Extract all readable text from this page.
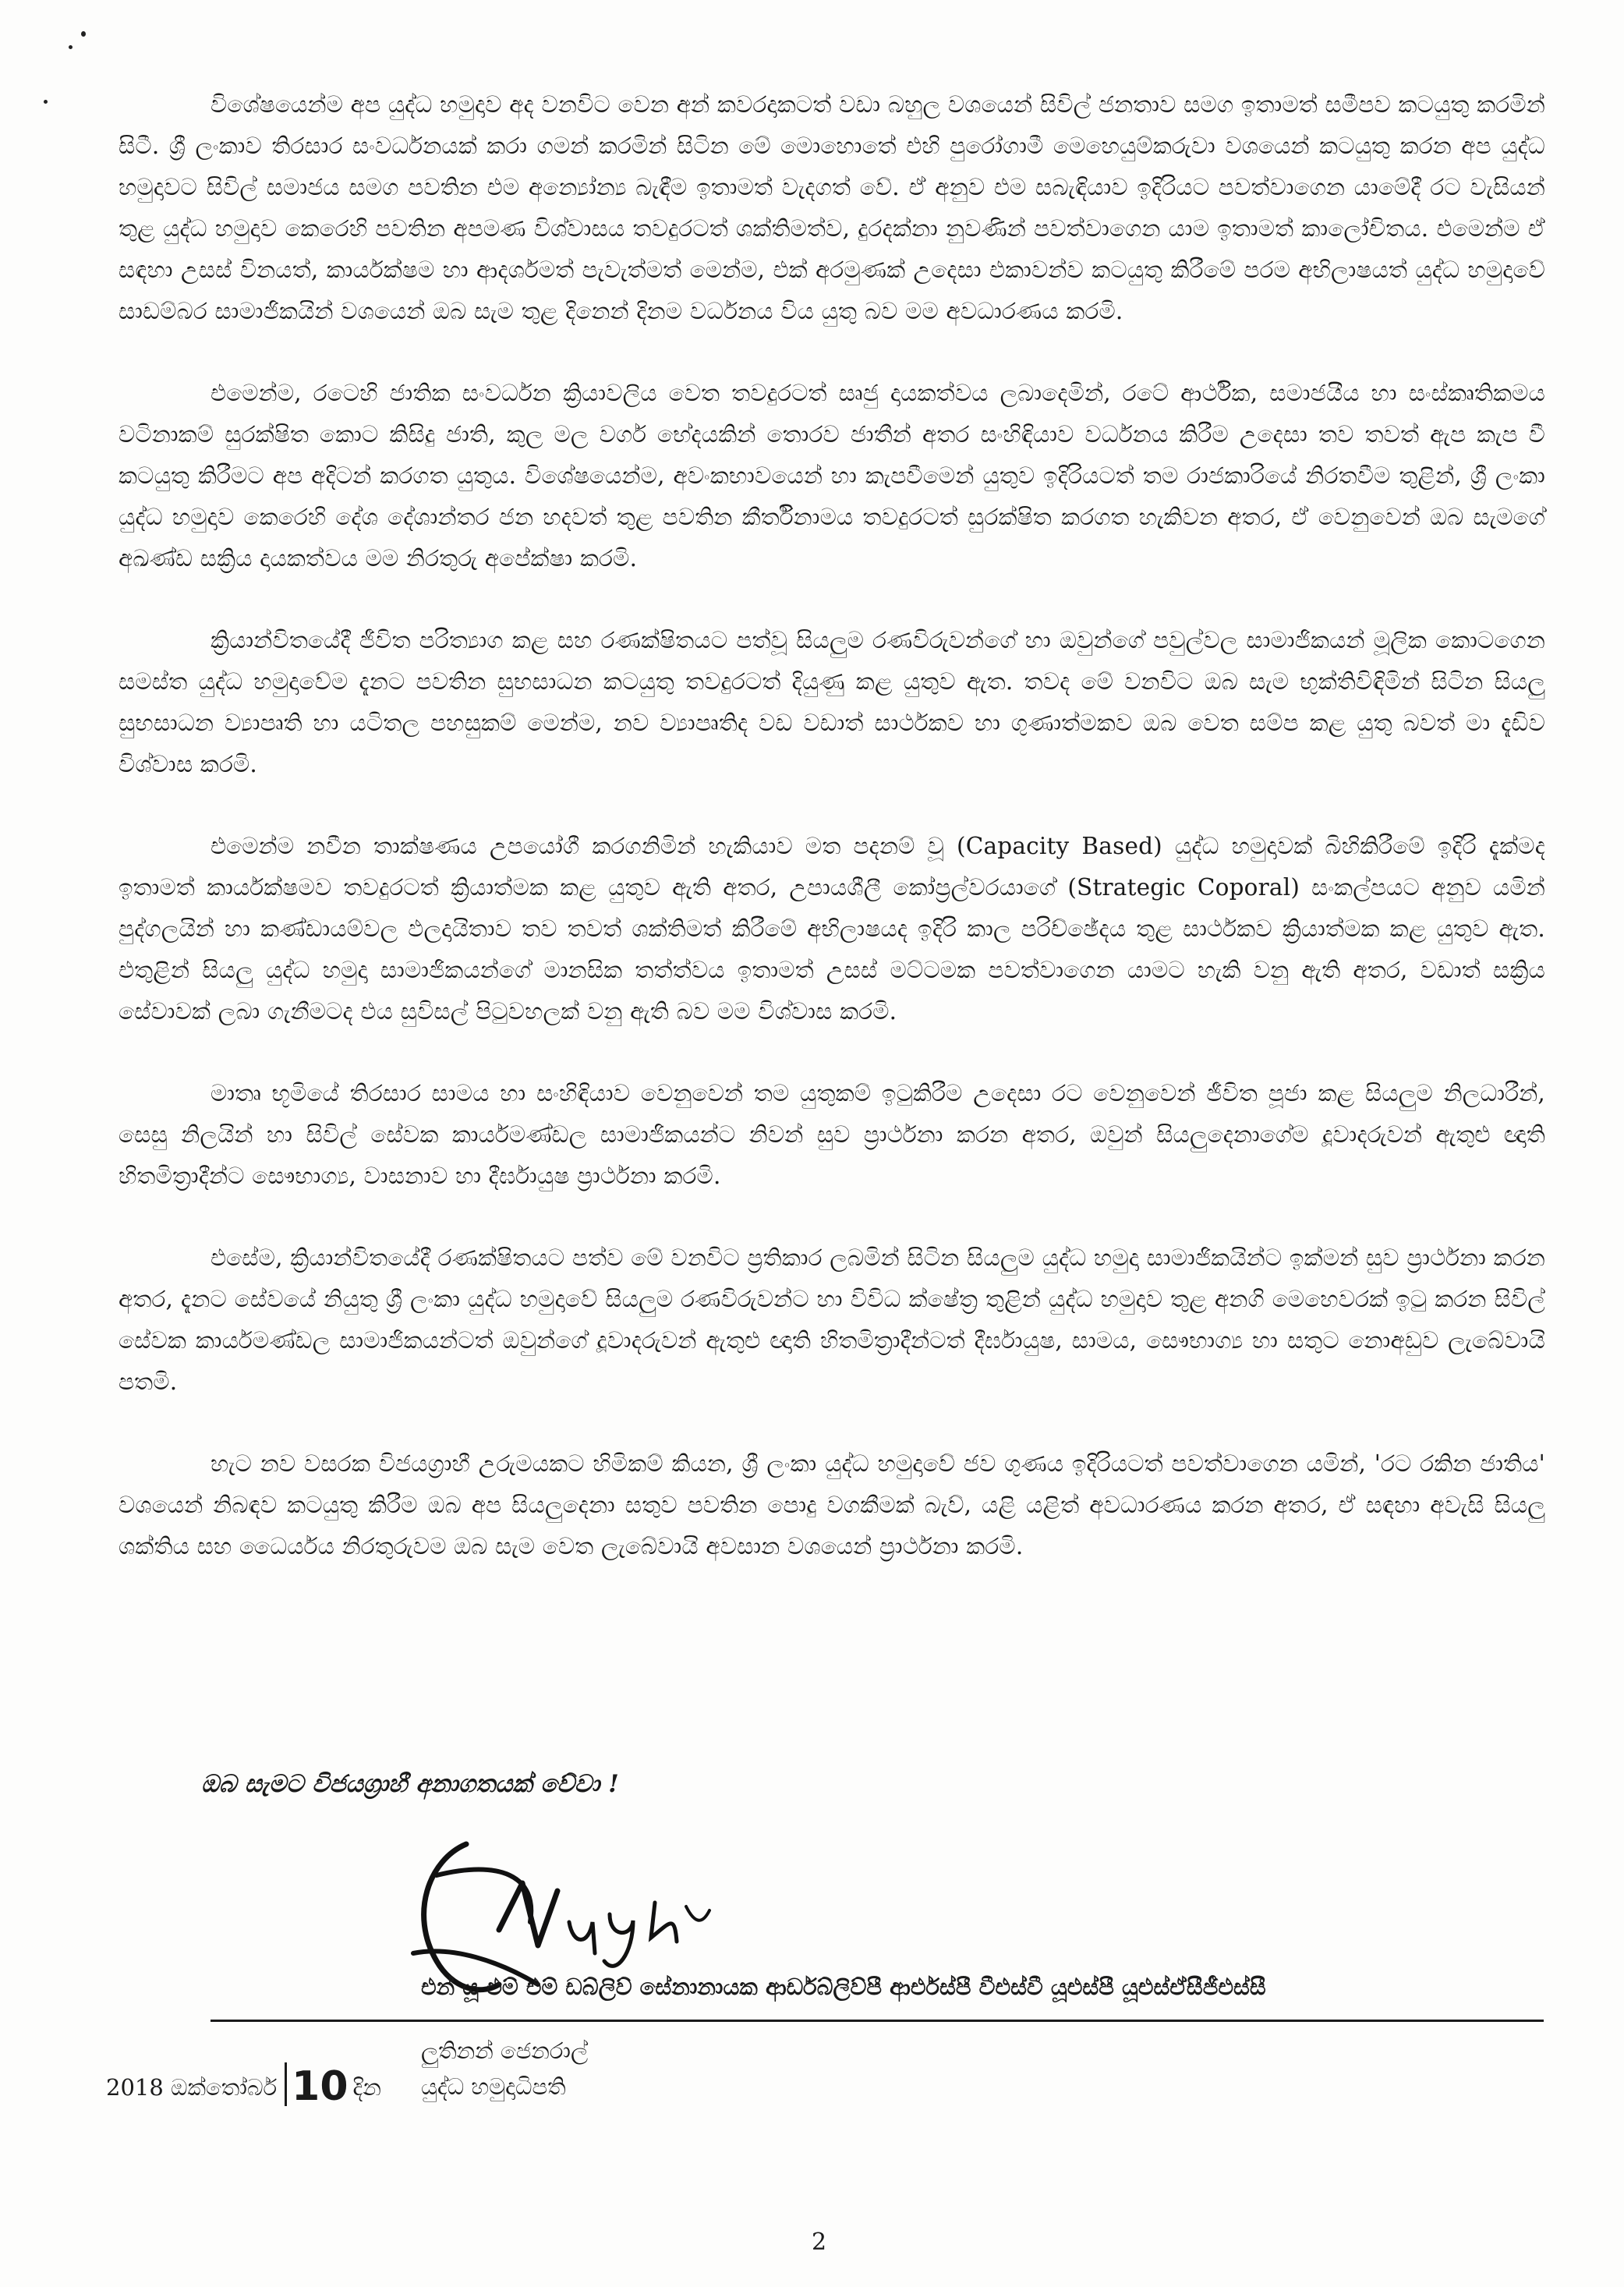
විශේෂයෙන්ම අප යුද්ධ හමුදාව අද වනවිට වෙන අන් කවරදාකටත් වඩා බහුල වශයෙන් සිවිල් ජනතාව සමග ඉතාමත් සමීපව කටයුතු කරමින් සිටී. ශ්‍රී ලංකාව තිරසාර සංවර්ධනයක් කරා ගමන් කරමින් සිටින මේ මොහොතේ එහි පුරෝගාමී මෙහෙයුම්කරුවා වශයෙන් කටයුතු කරන අප යුද්ධ හමුදාවට සිවිල් සමාජය සමග පවතින එම අන්‍යෝන්‍ය බැඳීම ඉතාමත් වැදගත් වේ. ඒ අනුව එම සබැඳියාව ඉදිරියට පවත්වාගෙන යාමේදී රට වැසියන් තුළ යුද්ධ හමුදාව කෙරෙහි පවතින අපමණ විශ්වාසය තවදුරටත් ශක්තිමත්ව, දුරදක්නා නුවණින් පවත්වාගෙන යාම ඉතාමත් කාලෝචිතය. එමෙන්ම ඒ සඳහා උසස් විනයත්, කාර්යක්ෂම හා ආදර්ශමත් පැවැත්මත් මෙන්ම, එක් අරමුණක් උදෙසා එකාවන්ව කටයුතු කිරීමේ පරම අභිලාෂයත් යුද්ධ හමුදාවේ සාඩම්බර සාමාජිකයින් වශයෙන් ඔබ සැම තුළ දිනෙන් දිනම වර්ධනය විය යුතු බව මම අවධාරණය කරමි.

එමෙන්ම, රටෙහි ජාතික සංවර්ධන ක්‍රියාවලිය වෙත තවදුරටත් සෘජු දායකත්වය ලබාදෙමින්, රටේ ආර්ථික, සමාජයීය හා සංස්කෘතිකමය වටිනාකම් සුරක්ෂිත කොට කිසිදු ජාති, කුල මල වර්ග භේදයකින් තොරව ජාතීන් අතර සංහිඳියාව වර්ධනය කිරීම උදෙසා තව තවත් ඇප කැප වී කටයුතු කිරීමට අප අදිටන් කරගත යුතුය. විශේෂයෙන්ම, අවංකභාවයෙන් හා කැපවීමෙන් යුතුව ඉදිරියටත් තම රාජකාරියේ නිරතවීම තුළින්, ශ්‍රී ලංකා යුද්ධ හමුදාව කෙරෙහි දේශ දේශාන්තර ජන හදවත් තුළ පවතින කීර්තිනාමය තවදුරටත් සුරක්ෂිත කරගත හැකිවන අතර, ඒ වෙනුවෙන් ඔබ සැමගේ අඛණ්ඩ සක්‍රිය දායකත්වය මම නිරතුරු අපේක්ෂා කරමි.

ක්‍රියාන්විතයේදී ජීවිත පරිත්‍යාග කළ සහ රණක්ෂිතයට පත්වූ සියලුම රණවිරුවන්ගේ හා ඔවුන්ගේ පවුල්වල සාමාජිකයන් මූලික කොටගෙන සමස්ත යුද්ධ හමුදාවේම දැනට පවතින සුභසාධන කටයුතු තවදුරටත් දියුණු කළ යුතුව ඇත. තවද මේ වනවිට ඔබ සැම භුක්තිවිඳිමින් සිටින සියලු සුභසාධන ව්‍යාපෘති හා යටිතල පහසුකම් මෙන්ම, නව ව්‍යාපෘතිද වඩ වඩාත් සාර්ථකව හා ගුණාත්මකව ඔබ වෙත සම්ප කළ යුතු බවත් මා දැඩිව විශ්වාස කරමි.

එමෙන්ම නවීන තාක්ෂණය උපයෝගී කරගනිමින් හැකියාව මත පදනම් වූ (Capacity Based) යුද්ධ හමුදාවක් බිහිකිරීමේ ඉදිරි දැක්මද ඉතාමත් කාර්යක්ෂමව තවදුරටත් ක්‍රියාත්මක කළ යුතුව ඇති අතර, උපායශීලී කෝප්‍රල්වරයාගේ (Strategic Coporal) සංකල්පයට අනුව යමින් පුද්ගලයින් හා කණ්ඩායම්වල ඵලදායිතාව තව තවත් ශක්තිමත් කිරීමේ අභිලාෂයද ඉදිරි කාල පරිච්ඡේදය තුළ සාර්ථකව ක්‍රියාත්මක කළ යුතුව ඇත. එතුළින් සියලු යුද්ධ හමුදා සාමාජිකයන්ගේ මානසික තත්ත්වය ඉතාමත් උසස් මට්ටමක පවත්වාගෙන යාමට හැකි වනු ඇති අතර, වඩාත් සක්‍රිය සේවාවක් ලබා ගැනීමටද එය සුවිසල් පිටුවහලක් වනු ඇති බව මම විශ්වාස කරමි.

මාතෘ භූමියේ තිරසාර සාමය හා සංහිඳියාව වෙනුවෙන් තම යුතුකම් ඉටුකිරීම උදෙසා රට වෙනුවෙන් ජීවිත පූජා කළ සියලුම නිලධාරීන්, සෙසු නිලයින් හා සිවිල් සේවක කාර්යමණ්ඩල සාමාජිකයන්ට නිවන් සුව ප්‍රාර්ථනා කරන අතර, ඔවුන් සියලුදෙනාගේම දූවාදරුවන් ඇතුළු ඥාති හිතමිත්‍රාදීන්ට සෞභාග්‍ය, වාසනාව හා දීර්ඝායුෂ ප්‍රාර්ථනා කරමි.

එසේම, ක්‍රියාන්විතයේදී රණක්ෂිතයට පත්ව මේ වනවිට ප්‍රතිකාර ලබමින් සිටින සියලුම යුද්ධ හමුදා සාමාජිකයින්ට ඉක්මන් සුව ප්‍රාර්ථනා කරන අතර, දැනට සේවයේ නියුතු ශ්‍රී ලංකා යුද්ධ හමුදාවේ සියලුම රණවිරුවන්ට හා විවිධ ක්ෂේත්‍ර තුළින් යුද්ධ හමුදාව තුළ අනගි මෙහෙවරක් ඉටු කරන සිවිල් සේවක කාර්යමණ්ඩල සාමාජිකයන්ටත් ඔවුන්ගේ දූවාදරුවන් ඇතුළු ඥාති හිතමිත්‍රාදීන්ටත් දීර්ඝායුෂ, සාමය, සෞභාග්‍ය හා සතුට නොඅඩුව ලැබේවායි පතමි.

හැට නව වසරක විජයග්‍රාහී උරුමයකට හිමිකම් කියන, ශ්‍රී ලංකා යුද්ධ හමුදාවේ ජව ගුණය ඉදිරියටත් පවත්වාගෙන යමින්, 'රට රකින ජාතිය' වශයෙන් නිබඳව කටයුතු කිරීම ඔබ අප සියලුදෙනා සතුව පවතින පොදු වගකීමක් බැව්, යළි යළිත් අවධාරණය කරන අතර, ඒ සඳහා අවැසි සියලු ශක්තිය සහ ධෛර්යය නිරතුරුවම ඔබ සැම වෙත ලැබේවායි අවසාන වශයෙන් ප්‍රාර්ථනා කරමි.

ඔබ සැමට විජයග්‍රාහී අනාගතයක් වේවා !
එන් යූ එම් එම් ඩබ්ලිව් සේනානායක ආර්ඩබ්ලිව්පී ආර්එස්පී වීඑස්වී යූඑස්පී යූඑස්ඒසීජීඑස්සී
ලුතිනන් ජෙනරාල්
යුද්ධ හමුදාධිපති
2018 ඔක්තෝබර් 10 දින
2
